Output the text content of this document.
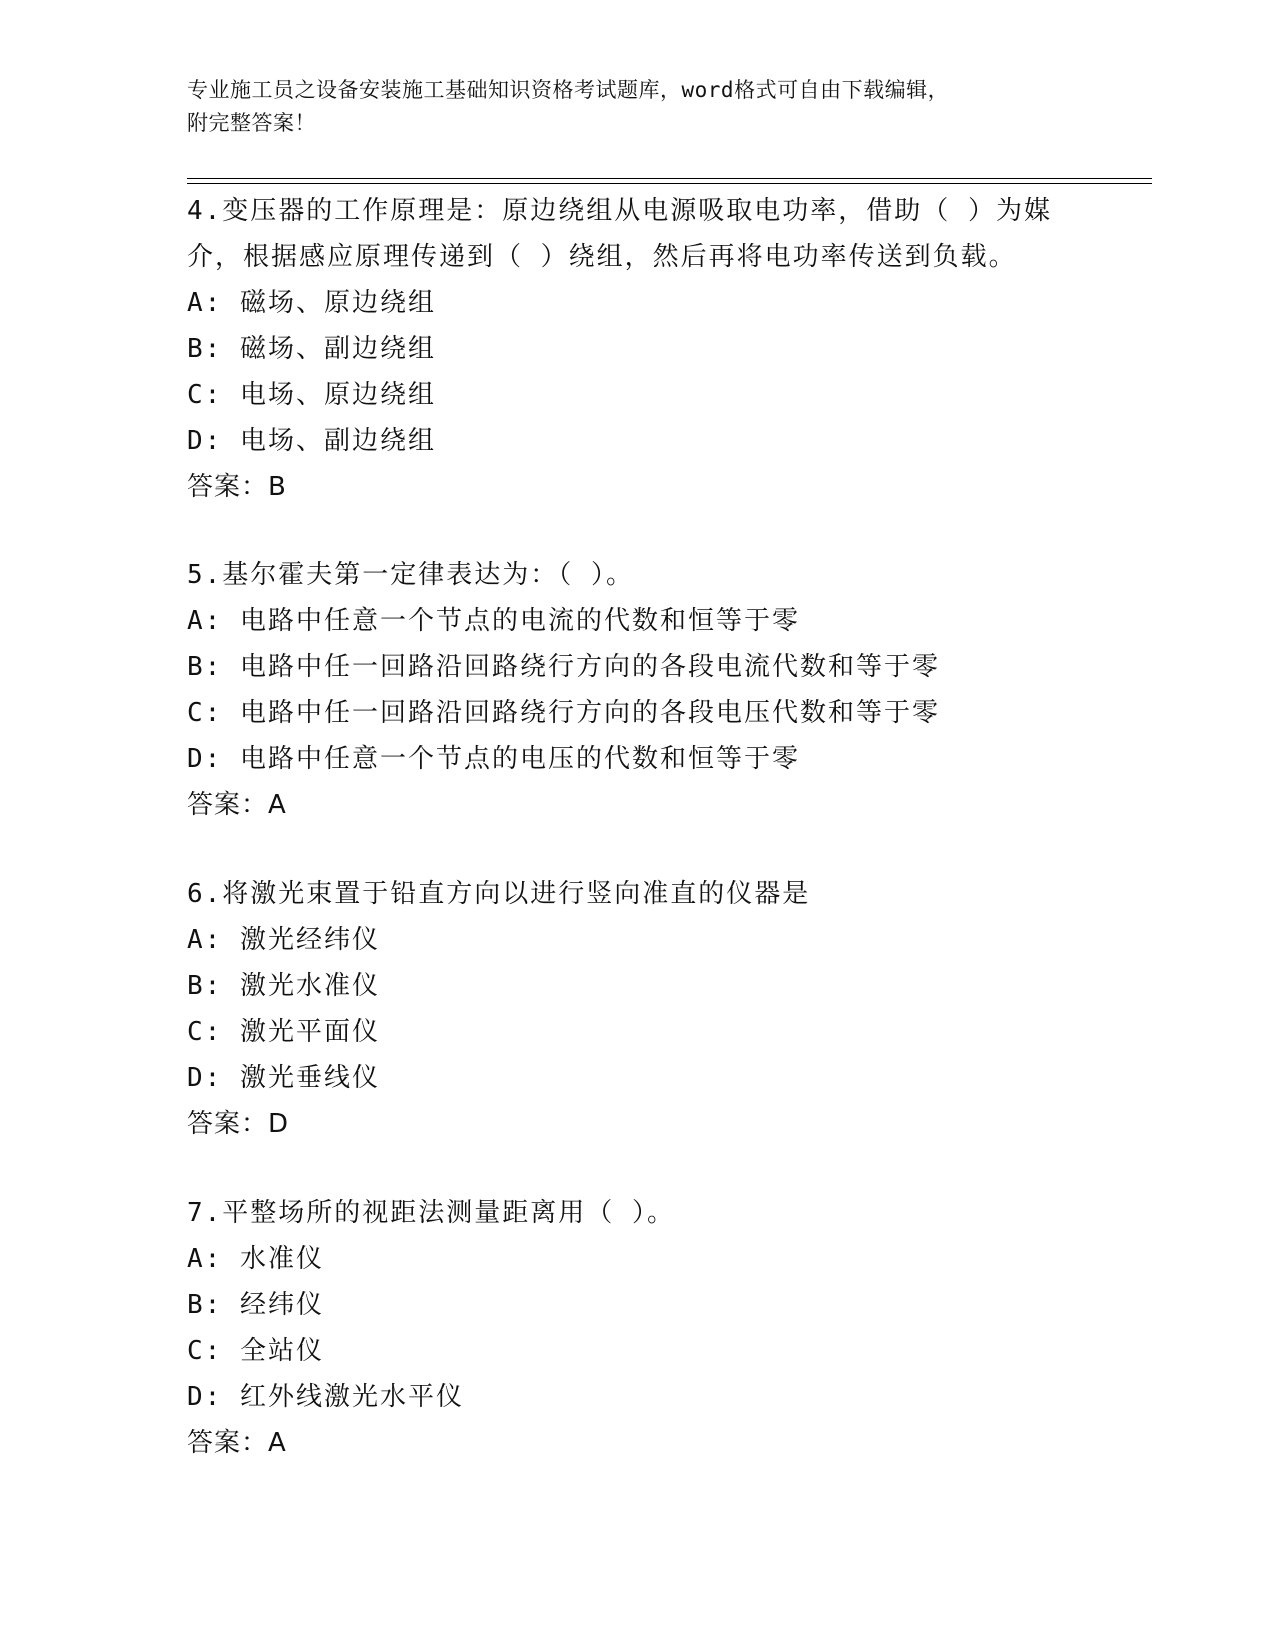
专业施工员之设备安装施工基础知识资格考试题库，word格式可自由下载编辑，
附完整答案！
4.变压器的工作原理是：原边绕组从电源吸取电功率，借助（ ）为媒
介，根据感应原理传递到（ ）绕组，然后再将电功率传送到负载。
A: 磁场、原边绕组
B: 磁场、副边绕组
C: 电场、原边绕组
D: 电场、副边绕组
答案：B
5.基尔霍夫第一定律表达为：（ ）。
A: 电路中任意一个节点的电流的代数和恒等于零
B: 电路中任一回路沿回路绕行方向的各段电流代数和等于零
C: 电路中任一回路沿回路绕行方向的各段电压代数和等于零
D: 电路中任意一个节点的电压的代数和恒等于零
答案：A
6.将激光束置于铅直方向以进行竖向准直的仪器是
A: 激光经纬仪
B: 激光水准仪
C: 激光平面仪
D: 激光垂线仪
答案：D
7.平整场所的视距法测量距离用（ ）。
A: 水准仪
B: 经纬仪
C: 全站仪
D: 红外线激光水平仪
答案：A
